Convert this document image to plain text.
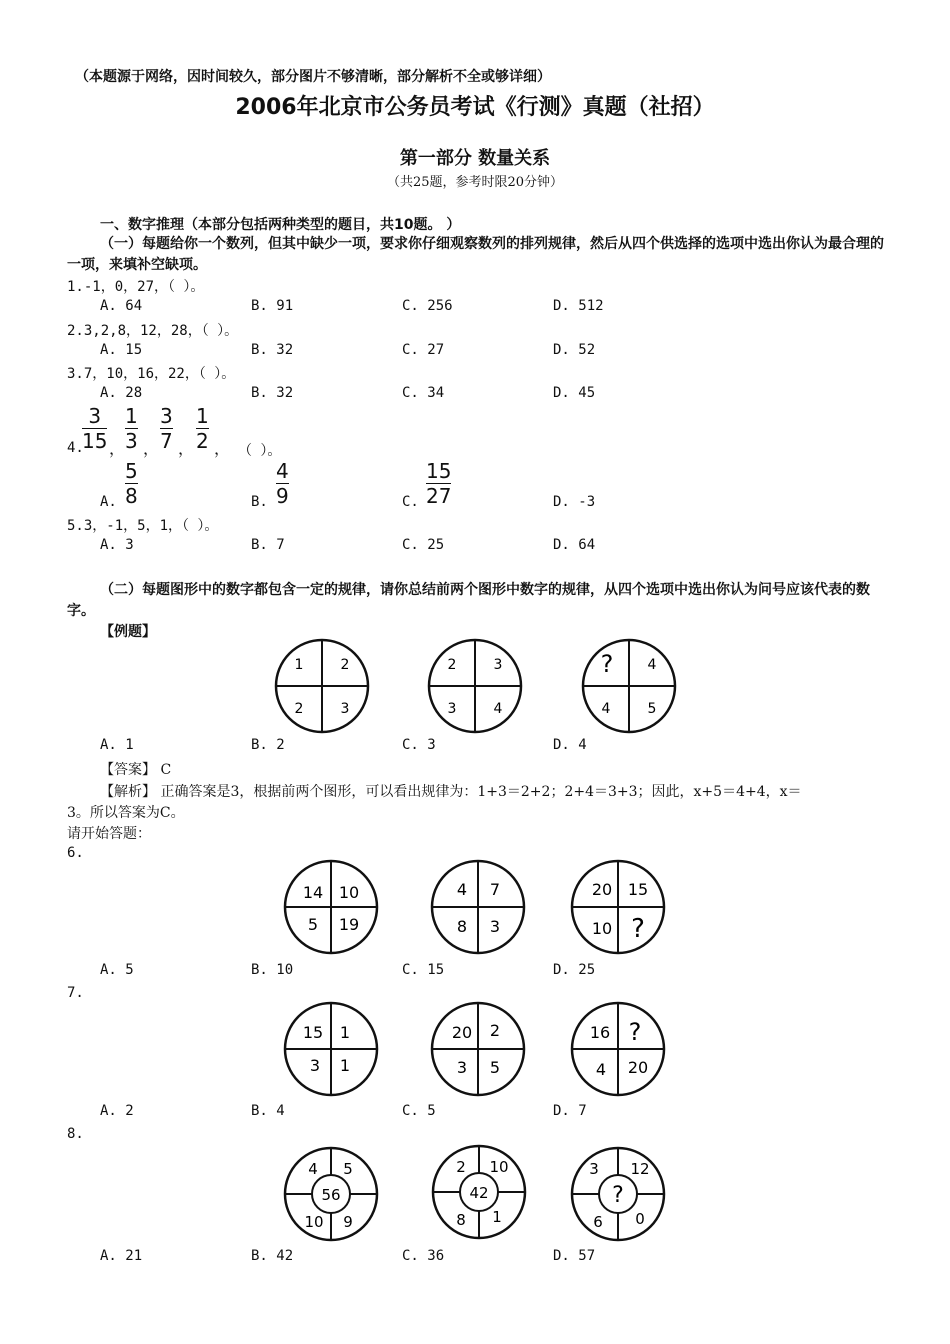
（本题源于网络，因时间较久，部分图片不够清晰，部分解析不全或够详细）
2006年北京市公务员考试《行测》真题（社招）
第一部分 数量关系
（共25题，参考时限20分钟）
一、数字推理（本部分包括两种类型的题目，共10题。 ）
（一）每题给你一个数列，但其中缺少一项，要求你仔细观察数列的排列规律，然后从四个供选择的选项中选出你认为最合理的一项，来填补空缺项。
1.-1，0，27，（ ）。
A. 64	B. 91	C. 256	D. 512
2.3,2,8，12，28，（ ）。
A. 15	B. 32	C. 27	D. 52
3.7，10，16，22，（ ）。
A. 28	B. 32	C. 34	D. 45
4.
3
15 ，
1
3 ，
3
7 ，
1
2 ， （ ）。
A.
5
8	B.
4
9	C.
15
27	D. -3
5.3，-1，5，1，（ ）。
A. 3	B. 7	C. 25	D. 64
（二）每题图形中的数字都包含一定的规律，请你总结前两个图形中数字的规律，从四个选项中选出你认为问号应该代表的数字。
【例题】
1	2
2	3
2	3
3	4
? 4
4	5
A. 1	B. 2	C. 3	D. 4
【答案】 C
【解析】 正确答案是3，根据前两个图形，可以看出规律为：1+3＝2+2；2+4＝3+3；因此，x+5＝4+4，x＝
3。所以答案为C。
请开始答题：
6.
14 10
5 19
4 7
8 3
20 15
10 ?
A. 5	B. 10	C. 15	D. 25
7.
15 1
3 1
20 2
3 5
16 ?
4 20
A. 2	B. 4	C. 5	D. 7
8.
4 5
10 9
56
2 10
8 1
42
3 12
6 0
?
A. 21	B. 42	C. 36	D. 57
